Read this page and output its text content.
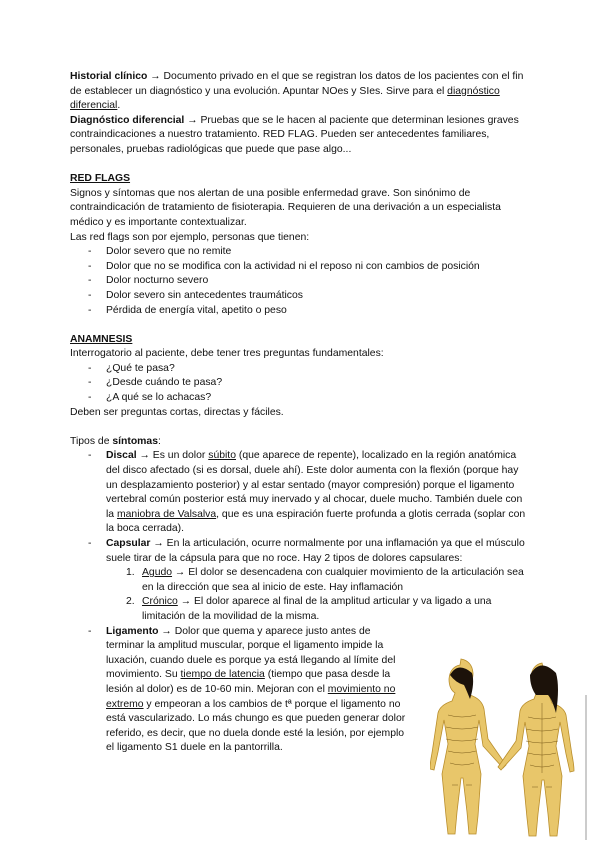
Historial clínico → Documento privado en el que se registran los datos de los pacientes con el fin de establecer un diagnóstico y una evolución. Apuntar NOes y SIes. Sirve para el diagnóstico diferencial.

Diagnóstico diferencial → Pruebas que se le hacen al paciente que determinan lesiones graves contraindicaciones a nuestro tratamiento. RED FLAG. Pueden ser antecedentes familiares, personales, pruebas radiológicas que puede que pase algo...

RED FLAGS

Signos y síntomas que nos alertan de una posible enfermedad grave. Son sinónimo de contraindicación de tratamiento de fisioterapia. Requieren de una derivación a un especialista médico y es importante contextualizar.

Las red flags son por ejemplo, personas que tienen:

- Dolor severo que no remite
- Dolor que no se modifica con la actividad ni el reposo ni con cambios de posición
- Dolor nocturno severo
- Dolor severo sin antecedentes traumáticos
- Pérdida de energía vital, apetito o peso

ANAMNESIS

Interrogatorio al paciente, debe tener tres preguntas fundamentales:

- ¿Qué te pasa?
- ¿Desde cuándo te pasa?
- ¿A qué se lo achacas?

Deben ser preguntas cortas, directas y fáciles.

Tipos de síntomas:

- Discal → Es un dolor súbito (que aparece de repente), localizado en la región anatómica del disco afectado (si es dorsal, duele ahí). Este dolor aumenta con la flexión (porque hay un desplazamiento posterior) y al estar sentado (mayor compresión) porque el ligamento vertebral común posterior está muy inervado y al chocar, duele mucho. También duele con la maniobra de Valsalva, que es una espiración fuerte profunda a glotis cerrada (soplar con la boca cerrada).
- Capsular → En la articulación, ocurre normalmente por una inflamación ya que el músculo suele tirar de la cápsula para que no roce. Hay 2 tipos de dolores capsulares:
1. Agudo → El dolor se desencadena con cualquier movimiento de la articulación sea en la dirección que sea al inicio de este. Hay inflamación
2. Crónico → El dolor aparece al final de la amplitud articular y va ligado a una limitación de la movilidad de la misma.
- Ligamento → Dolor que quema y aparece justo antes de terminar la amplitud muscular, porque el ligamento impide la luxación, cuando duele es porque ya está llegando al límite del movimiento. Su tiempo de latencia (tiempo que pasa desde la lesión al dolor) es de 10-60 min. Mejoran con el movimiento no extremo y empeoran a los cambios de tª porque el ligamento no está vascularizado. Lo más chungo es que pueden generar dolor referido, es decir, que no duela donde esté la lesión, por ejemplo el ligamento S1 duele en la pantorrilla.
